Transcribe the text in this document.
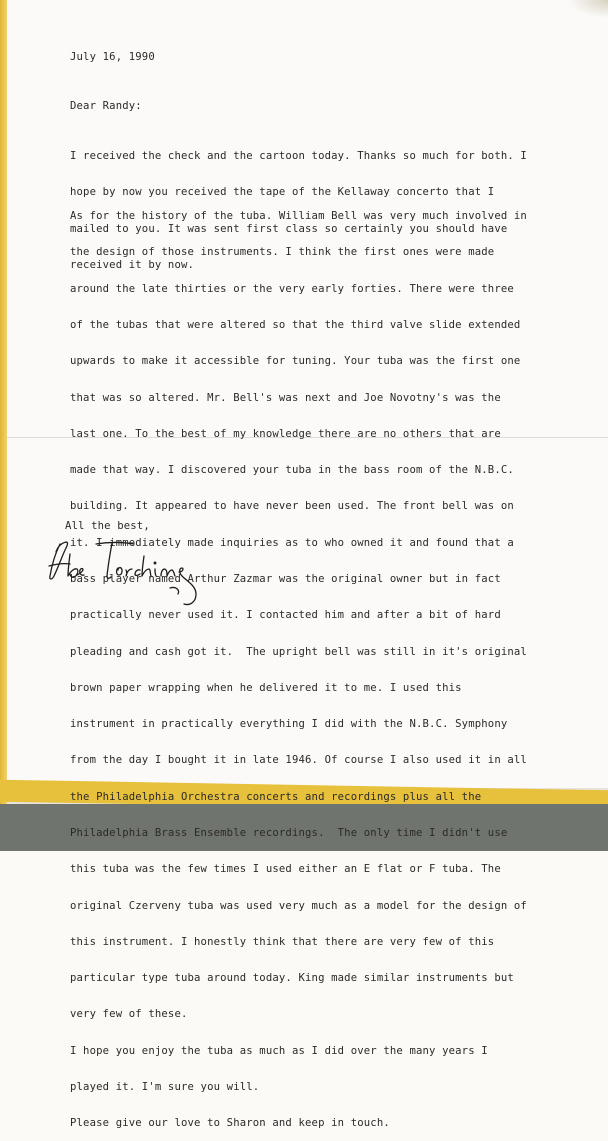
July 16, 1990
Dear Randy:

I received the check and the cartoon today. Thanks so much for both. I

hope by now you received the tape of the Kellaway concerto that I

mailed to you. It was sent first class so certainly you should have

received it by now.

As for the history of the tuba. William Bell was very much involved in

the design of those instruments. I think the first ones were made

around the late thirties or the very early forties. There were three

of the tubas that were altered so that the third valve slide extended

upwards to make it accessible for tuning. Your tuba was the first one

that was so altered. Mr. Bell's was next and Joe Novotny's was the

last one. To the best of my knowledge there are no others that are

made that way. I discovered your tuba in the bass room of the N.B.C.

building. It appeared to have never been used. The front bell was on

it. I immediately made inquiries as to who owned it and found that a

bass player named Arthur Zazmar was the original owner but in fact

practically never used it. I contacted him and after a bit of hard

pleading and cash got it.  The upright bell was still in it's original

brown paper wrapping when he delivered it to me. I used this

instrument in practically everything I did with the N.B.C. Symphony

from the day I bought it in late 1946. Of course I also used it in all

the Philadelphia Orchestra concerts and recordings plus all the

Philadelphia Brass Ensemble recordings.  The only time I didn't use

this tuba was the few times I used either an E flat or F tuba. The

original Czerveny tuba was used very much as a model for the design of

this instrument. I honestly think that there are very few of this

particular type tuba around today. King made similar instruments but

very few of these.

I hope you enjoy the tuba as much as I did over the many years I

played it. I'm sure you will.

Please give our love to Sharon and keep in touch.

All the best,
